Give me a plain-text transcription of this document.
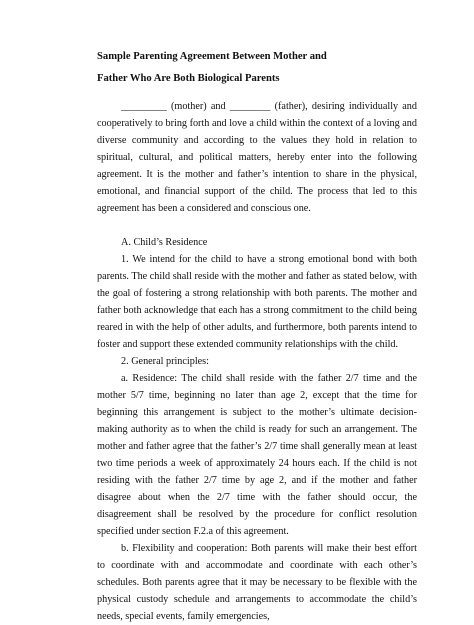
Sample Parenting Agreement Between Mother and
Father Who Are Both Biological Parents

_________ (mother) and ________ (father), desiring individually and cooperatively to bring forth and love a child within the context of a loving and diverse community and according to the values they hold in relation to spiritual, cultural, and political matters, hereby enter into the following agreement. It is the mother and father’s intention to share in the physical, emotional, and financial support of the child. The process that led to this agreement has been a considered and conscious one.

A. Child’s Residence

1. We intend for the child to have a strong emotional bond with both parents. The child shall reside with the mother and father as stated below, with the goal of fostering a strong relationship with both parents. The mother and father both acknowledge that each has a strong commitment to the child being reared in with the help of other adults, and furthermore, both parents intend to foster and support these extended community relationships with the child.

2. General principles:

a. Residence: The child shall reside with the father 2/7 time and the mother 5/7 time, beginning no later than age 2, except that the time for beginning this arrangement is subject to the mother’s ultimate decision-making authority as to when the child is ready for such an arrangement. The mother and father agree that the father’s 2/7 time shall generally mean at least two time periods a week of approximately 24 hours each. If the child is not residing with the father 2/7 time by age 2, and if the mother and father disagree about when the 2/7 time with the father should occur, the disagreement shall be resolved by the procedure for conflict resolution specified under section F.2.a of this agreement.

b. Flexibility and cooperation: Both parents will make their best effort to coordinate with and accommodate and coordinate with each other’s schedules. Both parents agree that it may be necessary to be flexible with the physical custody schedule and arrangements to accommodate the child’s needs, special events, family emergencies,
